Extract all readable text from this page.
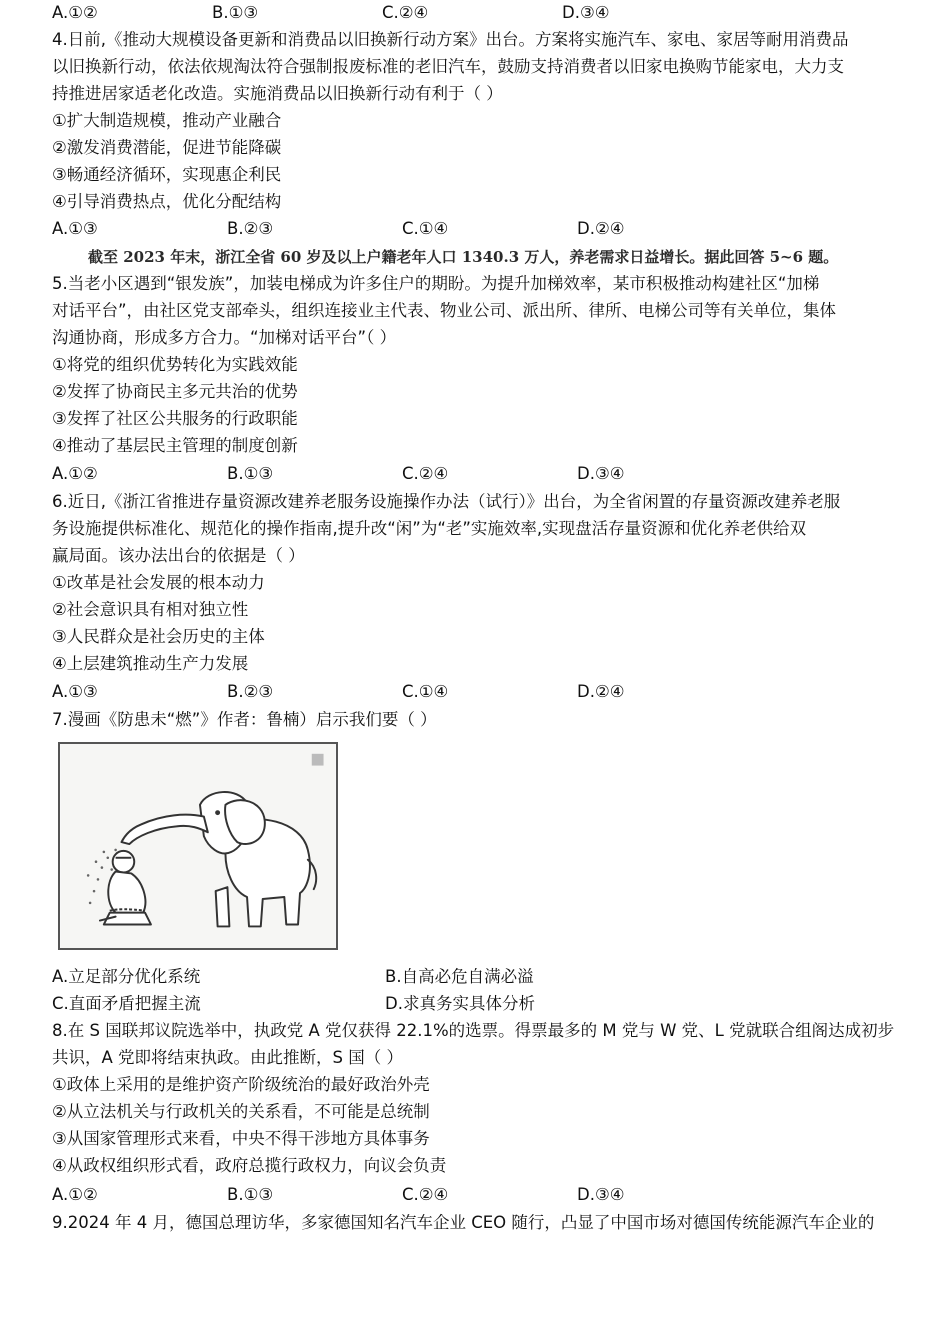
A.①②	B.①③	C.②④	D.③④
4.日前,《推动大规模设备更新和消费品以旧换新行动方案》出台。方案将实施汽车、家电、家居等耐用消费品
以旧换新行动，依法依规淘汰符合强制报废标准的老旧汽车，鼓励支持消费者以旧家电换购节能家电，大力支
持推进居家适老化改造。实施消费品以旧换新行动有利于（ ）
①扩大制造规模，推动产业融合
②激发消费潜能，促进节能降碳
③畅通经济循环，实现惠企利民
④引导消费热点，优化分配结构
A.①③	B.②③	C.①④	D.②④
截至 2023 年末，浙江全省 60 岁及以上户籍老年人口 1340.3 万人，养老需求日益增长。据此回答 5~6 题。
5.当老小区遇到“银发族”，加装电梯成为许多住户的期盼。为提升加梯效率，某市积极推动构建社区“加梯
对话平台”，由社区党支部牵头，组织连接业主代表、物业公司、派出所、律所、电梯公司等有关单位，集体
沟通协商，形成多方合力。“加梯对话平台”（ ）
①将党的组织优势转化为实践效能
②发挥了协商民主多元共治的优势
③发挥了社区公共服务的行政职能
④推动了基层民主管理的制度创新
A.①②	B.①③	C.②④	D.③④
6.近日,《浙江省推进存量资源改建养老服务设施操作办法（试行）》出台，为全省闲置的存量资源改建养老服
务设施提供标准化、规范化的操作指南,提升改“闲”为“老”实施效率,实现盘活存量资源和优化养老供给双
赢局面。该办法出台的依据是（ ）
①改革是社会发展的根本动力
②社会意识具有相对独立性
③人民群众是社会历史的主体
④上层建筑推动生产力发展
A.①③	B.②③	C.①④	D.②④
7.漫画《防患未“燃”》作者：鲁楠）启示我们要（ ）
A.立足部分优化系统	B.自高必危自满必溢
C.直面矛盾把握主流	D.求真务实具体分析
8.在 S 国联邦议院选举中，执政党 A 党仅获得 22.1%的选票。得票最多的 M 党与 W 党、L 党就联合组阁达成初步
共识，A 党即将结束执政。由此推断，S 国（ ）
①政体上采用的是维护资产阶级统治的最好政治外壳
②从立法机关与行政机关的关系看，不可能是总统制
③从国家管理形式来看，中央不得干涉地方具体事务
④从政权组织形式看，政府总揽行政权力，向议会负责
A.①②	B.①③	C.②④	D.③④
9.2024 年 4 月，德国总理访华，多家德国知名汽车企业 CEO 随行，凸显了中国市场对德国传统能源汽车企业的
